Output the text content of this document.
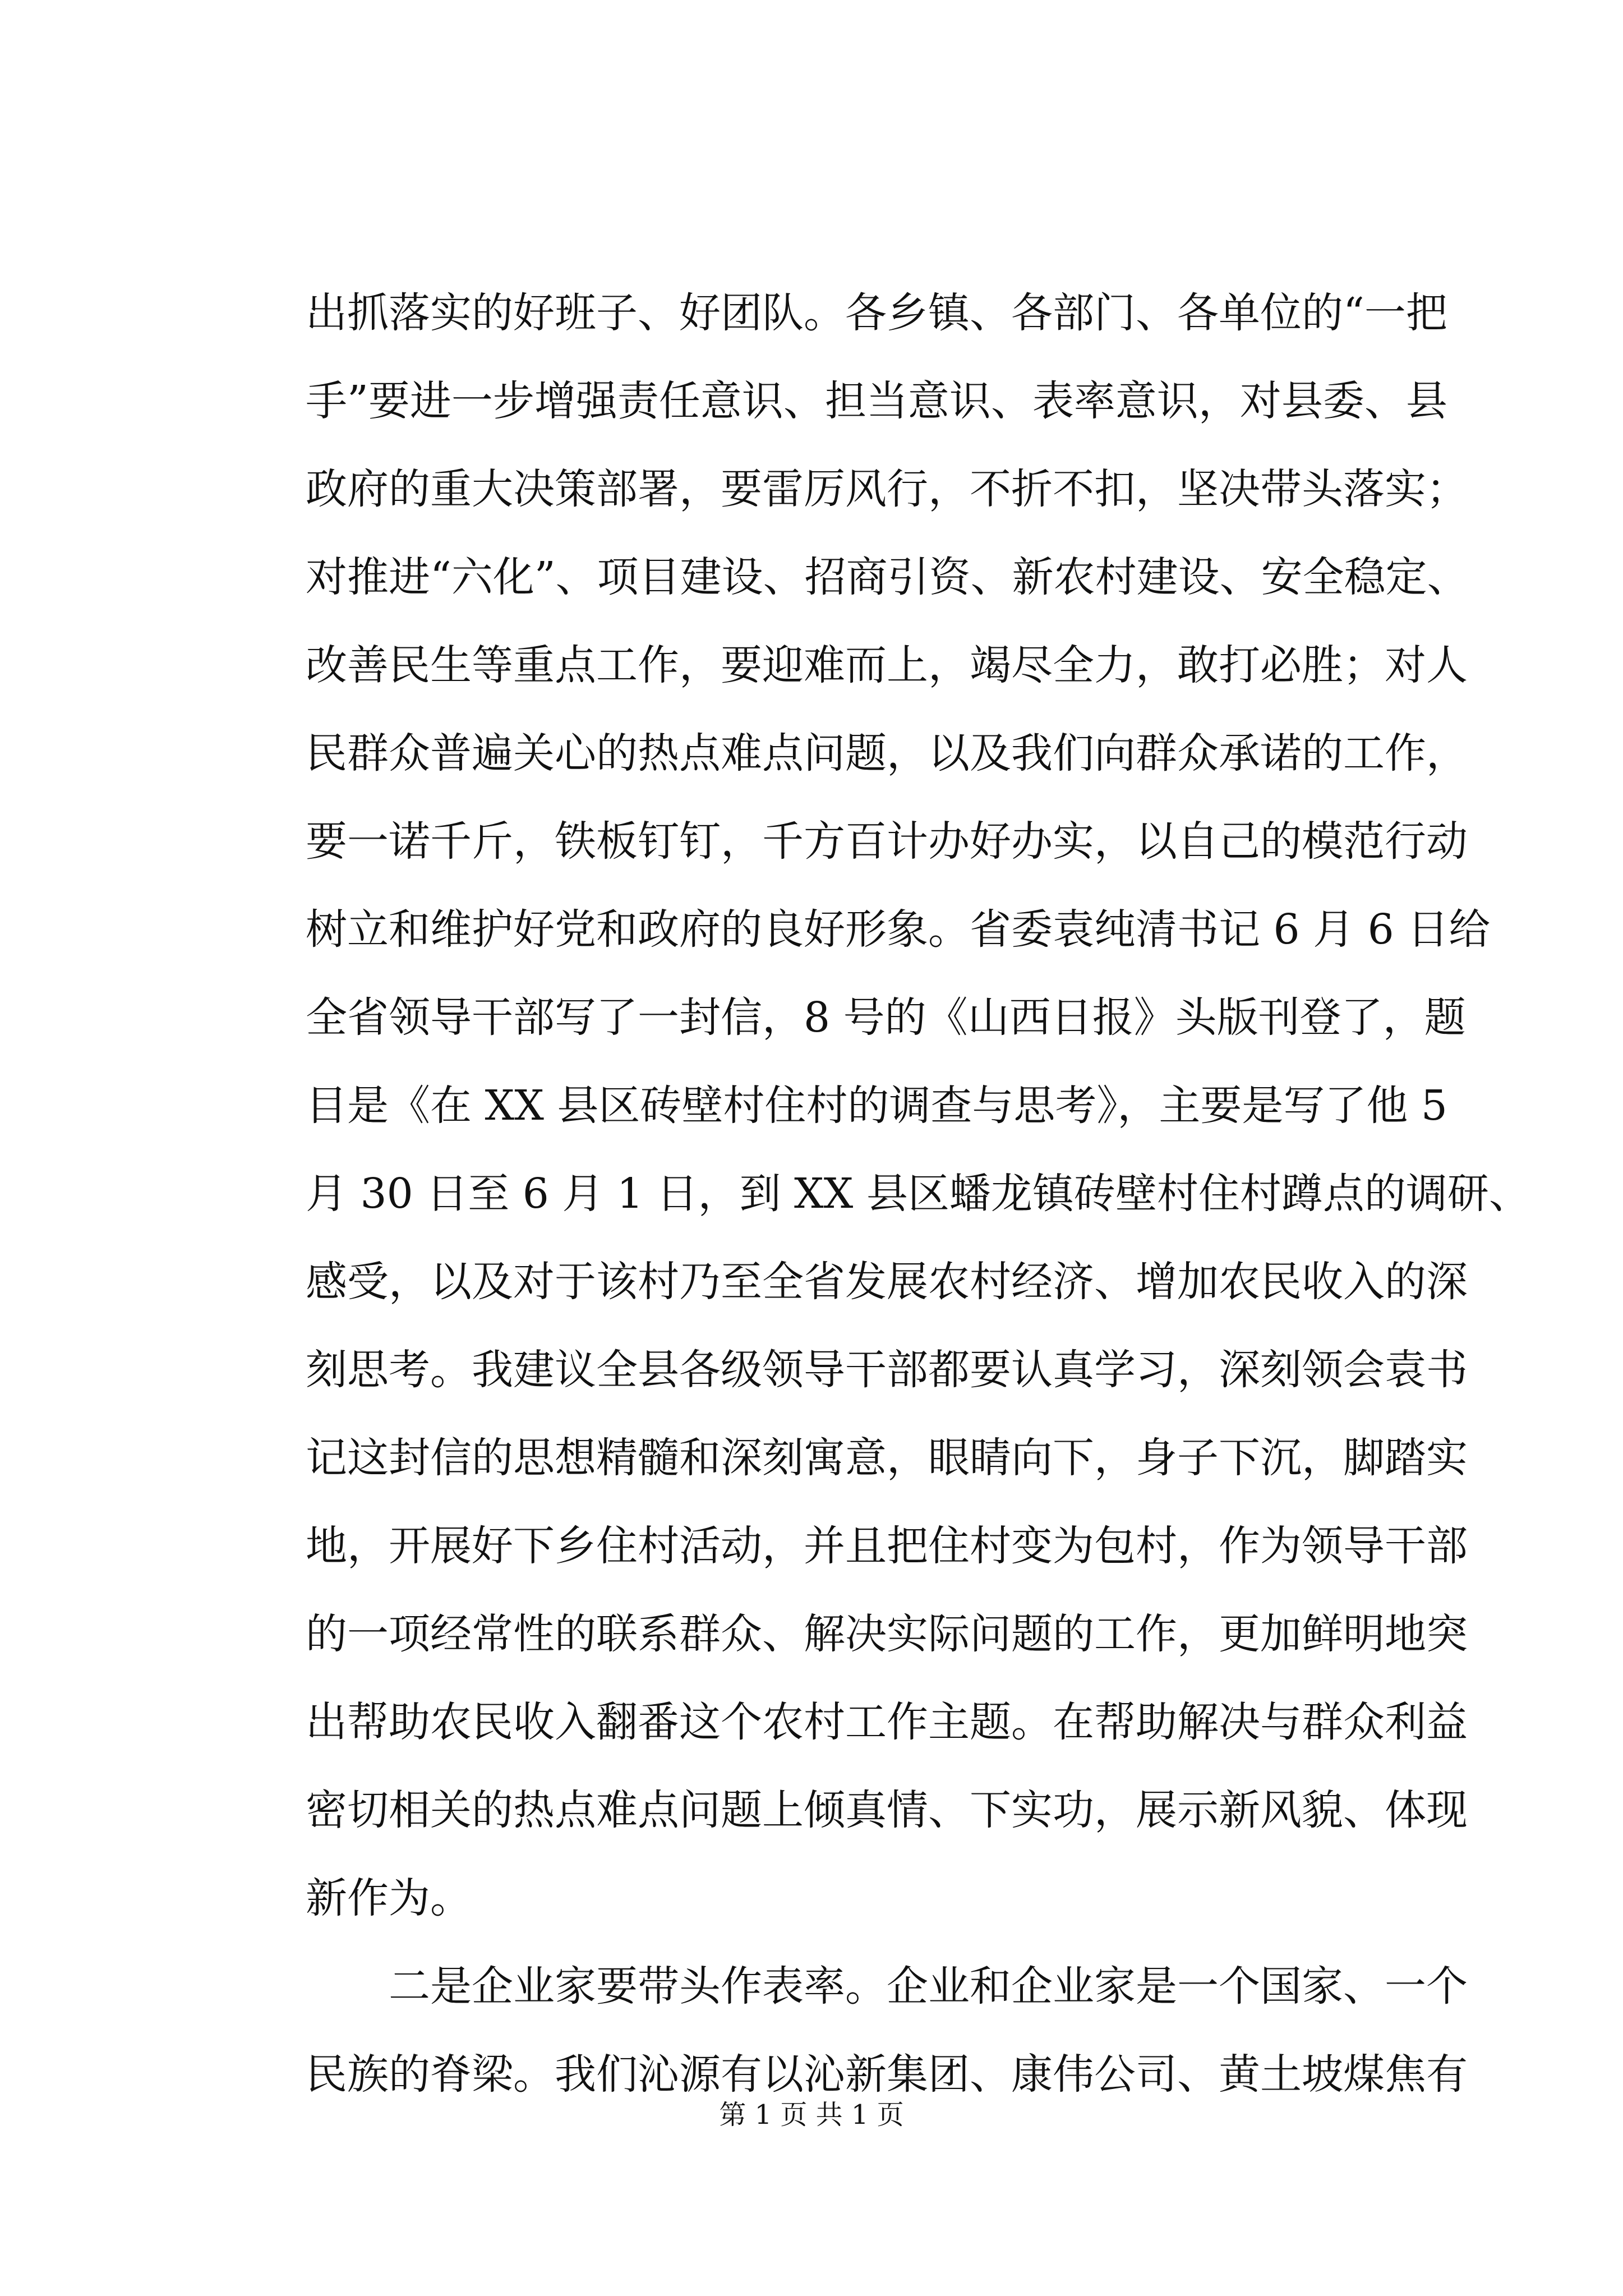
出抓落实的好班子、好团队。各乡镇、各部门、各单位的“一把
手”要进一步增强责任意识、担当意识、表率意识，对县委、县
政府的重大决策部署，要雷厉风行，不折不扣，坚决带头落实；
对推进“六化”、项目建设、招商引资、新农村建设、安全稳定、
改善民生等重点工作，要迎难而上，竭尽全力，敢打必胜；对人
民群众普遍关心的热点难点问题，以及我们向群众承诺的工作，
要一诺千斤，铁板钉钉，千方百计办好办实，以自己的模范行动
树立和维护好党和政府的良好形象。省委袁纯清书记 6 月 6 日给
全省领导干部写了一封信，8 号的《山西日报》头版刊登了，题
目是《在 XX 县区砖壁村住村的调查与思考》，主要是写了他 5
月 30 日至 6 月 1 日，到 XX 县区蟠龙镇砖壁村住村蹲点的调研、
感受，以及对于该村乃至全省发展农村经济、增加农民收入的深
刻思考。我建议全县各级领导干部都要认真学习，深刻领会袁书
记这封信的思想精髓和深刻寓意，眼睛向下，身子下沉，脚踏实
地，开展好下乡住村活动，并且把住村变为包村，作为领导干部
的一项经常性的联系群众、解决实际问题的工作，更加鲜明地突
出帮助农民收入翻番这个农村工作主题。在帮助解决与群众利益
密切相关的热点难点问题上倾真情、下实功，展示新风貌、体现
新作为。
二是企业家要带头作表率。企业和企业家是一个国家、一个
民族的脊梁。我们沁源有以沁新集团、康伟公司、黄土坡煤焦有
第 1 页 共 1 页
